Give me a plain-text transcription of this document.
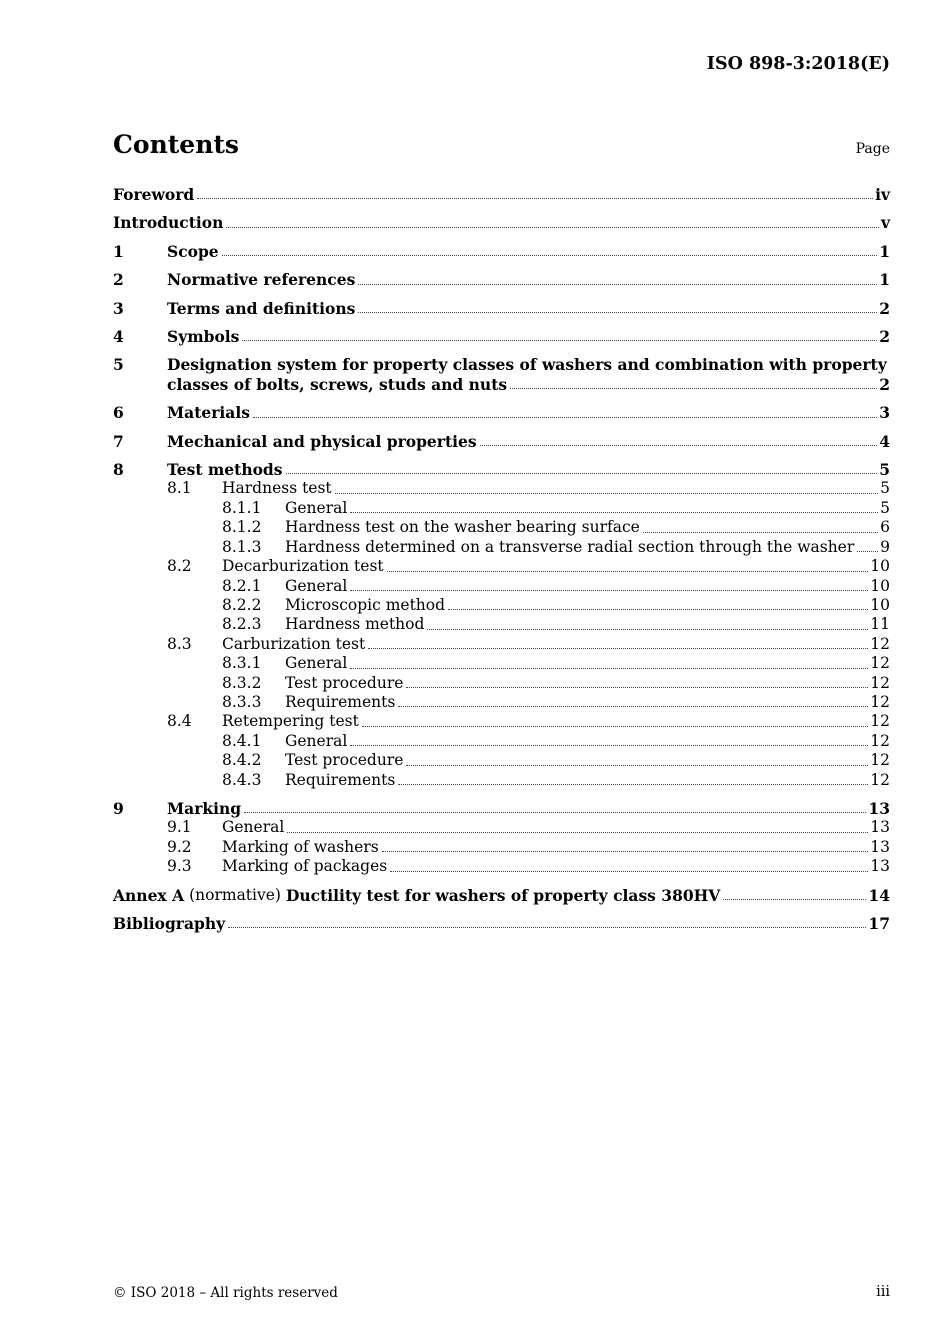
ISO 898-3:2018(E)
Contents	Page
Foreword	iv
Introduction	v
1	Scope	1
2	Normative references	1
3	Terms and definitions	2
4	Symbols	2
5	Designation system for property classes of washers and combination with property
classes of bolts, screws, studs and nuts	2
6	Materials	3
7	Mechanical and physical properties	4
8	Test methods	5
8.1	Hardness test	5
8.1.1	General	5
8.1.2	Hardness test on the washer bearing surface	6
8.1.3	Hardness determined on a transverse radial section through the washer 9
8.2	Decarburization test	10
8.2.1	General	10
8.2.2	Microscopic method	10
8.2.3	Hardness method	11
8.3	Carburization test	12
8.3.1	General	12
8.3.2	Test procedure	12
8.3.3	Requirements	12
8.4	Retempering test	12
8.4.1	General	12
8.4.2	Test procedure	12
8.4.3	Requirements	12
9	Marking	13
9.1	General	13
9.2	Marking of washers	13
9.3	Marking of packages	13
Annex A (normative) Ductility test for washers of property class 380HV	14
Bibliography	17
© ISO 2018 – All rights reserved	iii
